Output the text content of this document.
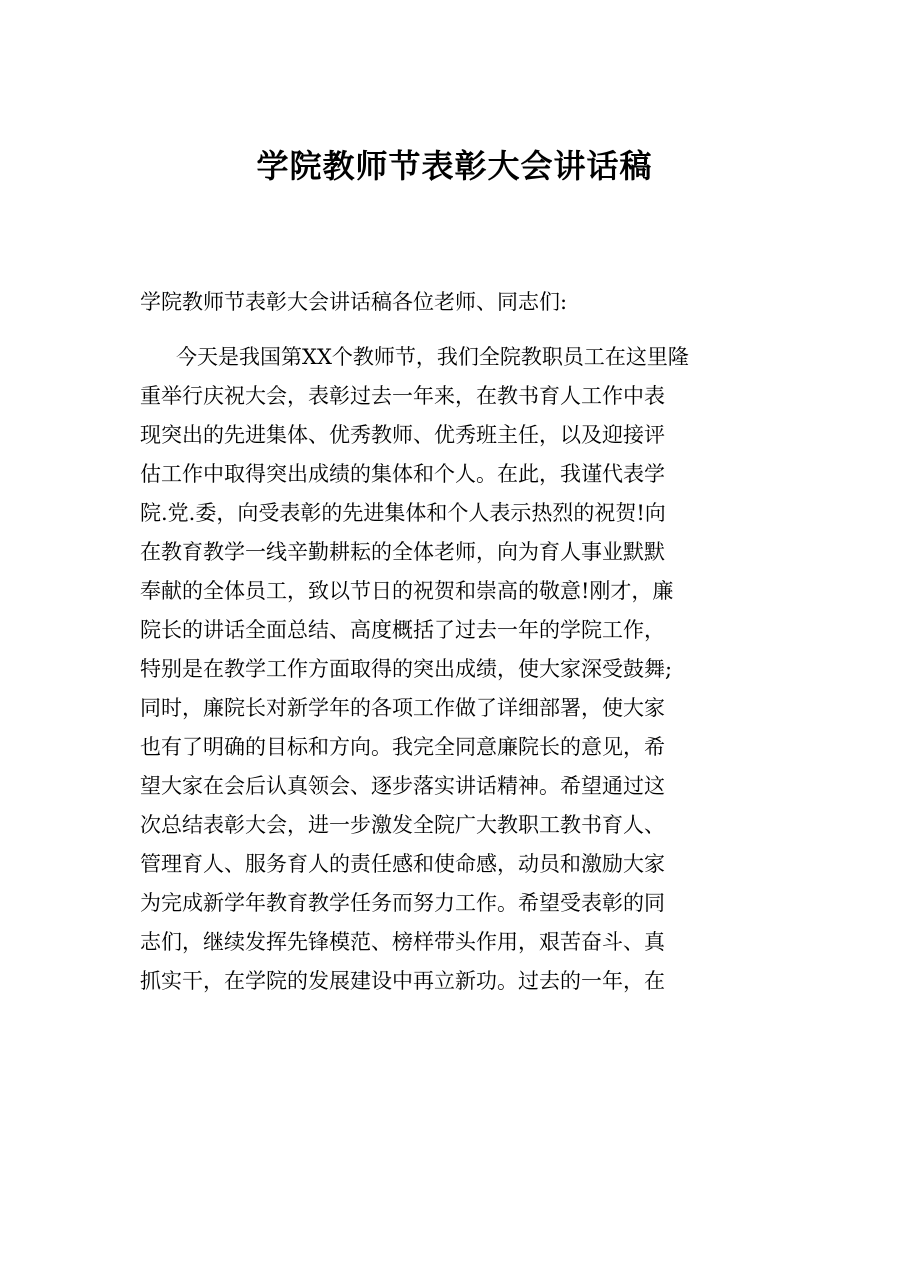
学院教师节表彰大会讲话稿
学院教师节表彰大会讲话稿各位老师、同志们:
今天是我国第XX个教师节，我们全院教职员工在这里隆
重举行庆祝大会，表彰过去一年来，在教书育人工作中表
现突出的先进集体、优秀教师、优秀班主任，以及迎接评
估工作中取得突出成绩的集体和个人。在此，我谨代表学
院.党.委，向受表彰的先进集体和个人表示热烈的祝贺!向
在教育教学一线辛勤耕耘的全体老师，向为育人事业默默
奉献的全体员工，致以节日的祝贺和崇高的敬意!刚才，廉
院长的讲话全面总结、高度概括了过去一年的学院工作，
特别是在教学工作方面取得的突出成绩，使大家深受鼓舞;
同时，廉院长对新学年的各项工作做了详细部署，使大家
也有了明确的目标和方向。我完全同意廉院长的意见，希
望大家在会后认真领会、逐步落实讲话精神。希望通过这
次总结表彰大会，进一步激发全院广大教职工教书育人、
管理育人、服务育人的责任感和使命感，动员和激励大家
为完成新学年教育教学任务而努力工作。希望受表彰的同
志们，继续发挥先锋模范、榜样带头作用，艰苦奋斗、真
抓实干，在学院的发展建设中再立新功。过去的一年，在
